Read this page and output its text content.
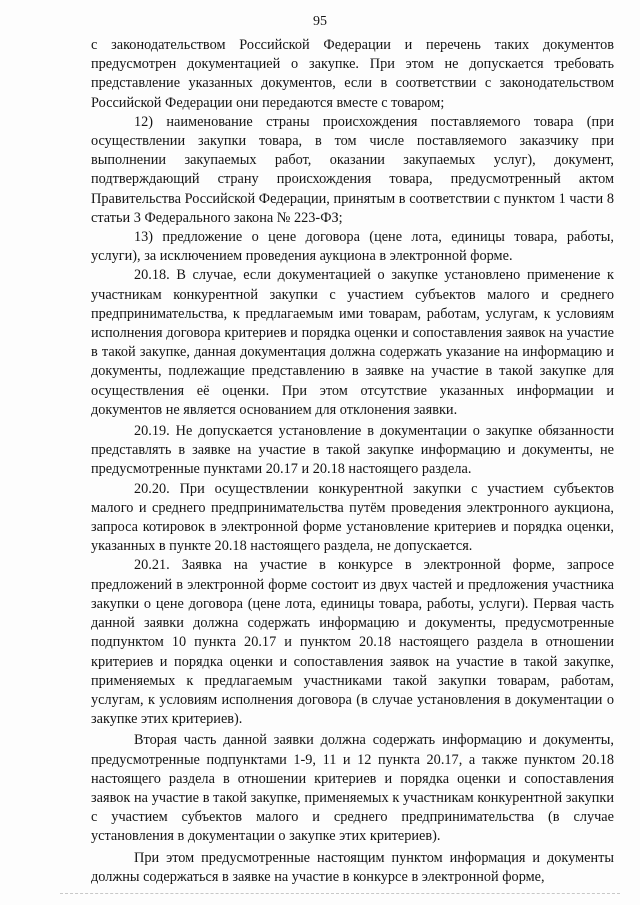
95

с законодательством Российской Федерации и перечень таких документов предусмотрен документацией о закупке. При этом не допускается требовать представление указанных документов, если в соответствии с законодательством Российской Федерации они передаются вместе с товаром;

12) наименование страны происхождения поставляемого товара (при осуществлении закупки товара, в том числе поставляемого заказчику при выполнении закупаемых работ, оказании закупаемых услуг), документ, подтверждающий страну происхождения товара, предусмотренный актом Правительства Российской Федерации, принятым в соответствии с пунктом 1 части 8 статьи 3 Федерального закона № 223-ФЗ;

13) предложение о цене договора (цене лота, единицы товара, работы, услуги), за исключением проведения аукциона в электронной форме.

20.18. В случае, если документацией о закупке установлено применение к участникам конкурентной закупки с участием субъектов малого и среднего предпринимательства, к предлагаемым ими товарам, работам, услугам, к условиям исполнения договора критериев и порядка оценки и сопоставления заявок на участие в такой закупке, данная документация должна содержать указание на информацию и документы, подлежащие представлению в заявке на участие в такой закупке для осуществления её оценки. При этом отсутствие указанных информации и документов не является основанием для отклонения заявки.

20.19. Не допускается установление в документации о закупке обязанности представлять в заявке на участие в такой закупке информацию и документы, не предусмотренные пунктами 20.17 и 20.18 настоящего раздела.

20.20. При осуществлении конкурентной закупки с участием субъектов малого и среднего предпринимательства путём проведения электронного аукциона, запроса котировок в электронной форме установление критериев и порядка оценки, указанных в пункте 20.18 настоящего раздела, не допускается.

20.21. Заявка на участие в конкурсе в электронной форме, запросе предложений в электронной форме состоит из двух частей и предложения участника закупки о цене договора (цене лота, единицы товара, работы, услуги). Первая часть данной заявки должна содержать информацию и документы, предусмотренные подпунктом 10 пункта 20.17 и пунктом 20.18 настоящего раздела в отношении критериев и порядка оценки и сопоставления заявок на участие в такой закупке, применяемых к предлагаемым участниками такой закупки товарам, работам, услугам, к условиям исполнения договора (в случае установления в документации о закупке этих критериев).

Вторая часть данной заявки должна содержать информацию и документы, предусмотренные подпунктами 1-9, 11 и 12 пункта 20.17, а также пунктом 20.18 настоящего раздела в отношении критериев и порядка оценки и сопоставления заявок на участие в такой закупке, применяемых к участникам конкурентной закупки с участием субъектов малого и среднего предпринимательства (в случае установления в документации о закупке этих критериев).

При этом предусмотренные настоящим пунктом информация и документы должны содержаться в заявке на участие в конкурсе в электронной форме,
